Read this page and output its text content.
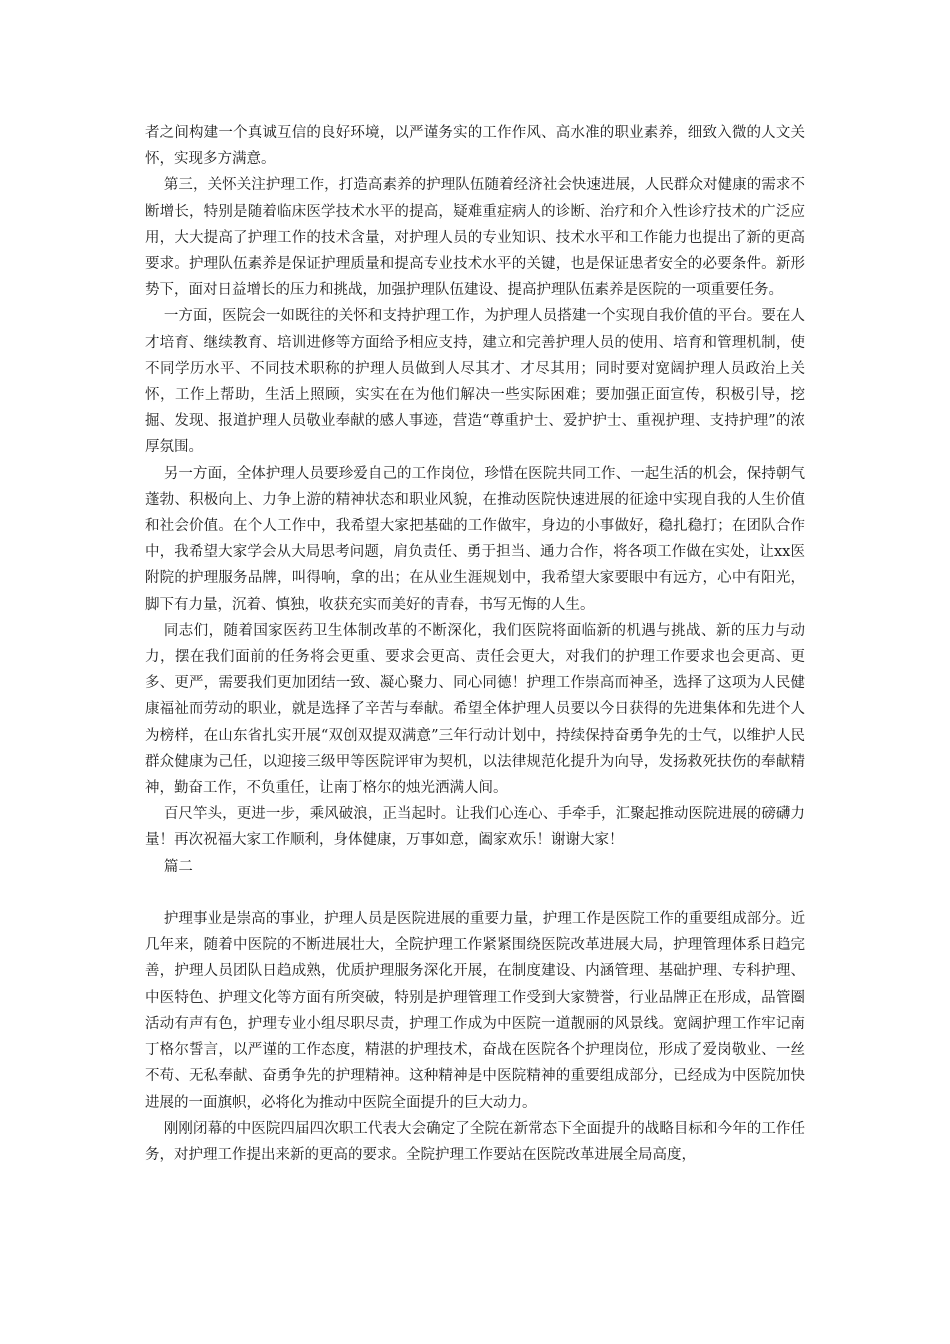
者之间构建一个真诚互信的良好环境，以严谨务实的工作作风、高水准的职业素养，细致入微的人文关怀，实现多方满意。

第三，关怀关注护理工作，打造高素养的护理队伍随着经济社会快速进展，人民群众对健康的需求不断增长，特别是随着临床医学技术水平的提高，疑难重症病人的诊断、治疗和介入性诊疗技术的广泛应用，大大提高了护理工作的技术含量，对护理人员的专业知识、技术水平和工作能力也提出了新的更高要求。护理队伍素养是保证护理质量和提高专业技术水平的关键，也是保证患者安全的必要条件。新形势下，面对日益增长的压力和挑战，加强护理队伍建设、提高护理队伍素养是医院的一项重要任务。

一方面，医院会一如既往的关怀和支持护理工作，为护理人员搭建一个实现自我价值的平台。要在人才培育、继续教育、培训进修等方面给予相应支持，建立和完善护理人员的使用、培育和管理机制，使不同学历水平、不同技术职称的护理人员做到人尽其才、才尽其用；同时要对宽阔护理人员政治上关怀，工作上帮助，生活上照顾，实实在在为他们解决一些实际困难；要加强正面宣传，积极引导，挖掘、发现、报道护理人员敬业奉献的感人事迹，营造“尊重护士、爱护护士、重视护理、支持护理”的浓厚氛围。

另一方面，全体护理人员要珍爱自己的工作岗位，珍惜在医院共同工作、一起生活的机会，保持朝气蓬勃、积极向上、力争上游的精神状态和职业风貌，在推动医院快速进展的征途中实现自我的人生价值和社会价值。在个人工作中，我希望大家把基础的工作做牢，身边的小事做好，稳扎稳打；在团队合作中，我希望大家学会从大局思考问题，肩负责任、勇于担当、通力合作，将各项工作做在实处，让xx医附院的护理服务品牌，叫得响，拿的出；在从业生涯规划中，我希望大家要眼中有远方，心中有阳光，脚下有力量，沉着、慎独，收获充实而美好的青春，书写无悔的人生。

同志们，随着国家医药卫生体制改革的不断深化，我们医院将面临新的机遇与挑战、新的压力与动力，摆在我们面前的任务将会更重、要求会更高、责任会更大，对我们的护理工作要求也会更高、更多、更严，需要我们更加团结一致、凝心聚力、同心同德！护理工作崇高而神圣，选择了这项为人民健康福祉而劳动的职业，就是选择了辛苦与奉献。希望全体护理人员要以今日获得的先进集体和先进个人为榜样，在山东省扎实开展“双创双提双满意”三年行动计划中，持续保持奋勇争先的士气，以维护人民群众健康为己任，以迎接三级甲等医院评审为契机，以法律规范化提升为向导，发扬救死扶伤的奉献精神，勤奋工作，不负重任，让南丁格尔的烛光洒满人间。

百尺竿头，更进一步，乘风破浪，正当起时。让我们心连心、手牵手，汇聚起推动医院进展的磅礴力量！再次祝福大家工作顺利，身体健康，万事如意，阖家欢乐！谢谢大家！

篇二

护理事业是崇高的事业，护理人员是医院进展的重要力量，护理工作是医院工作的重要组成部分。近几年来，随着中医院的不断进展壮大，全院护理工作紧紧围绕医院改革进展大局，护理管理体系日趋完善，护理人员团队日趋成熟，优质护理服务深化开展，在制度建设、内涵管理、基础护理、专科护理、中医特色、护理文化等方面有所突破，特别是护理管理工作受到大家赞誉，行业品牌正在形成，品管圈活动有声有色，护理专业小组尽职尽责，护理工作成为中医院一道靓丽的风景线。宽阔护理工作牢记南丁格尔誓言，以严谨的工作态度，精湛的护理技术，奋战在医院各个护理岗位，形成了爱岗敬业、一丝不苟、无私奉献、奋勇争先的护理精神。这种精神是中医院精神的重要组成部分，已经成为中医院加快进展的一面旗帜，必将化为推动中医院全面提升的巨大动力。

刚刚闭幕的中医院四届四次职工代表大会确定了全院在新常态下全面提升的战略目标和今年的工作任务，对护理工作提出来新的更高的要求。全院护理工作要站在医院改革进展全局高度，
